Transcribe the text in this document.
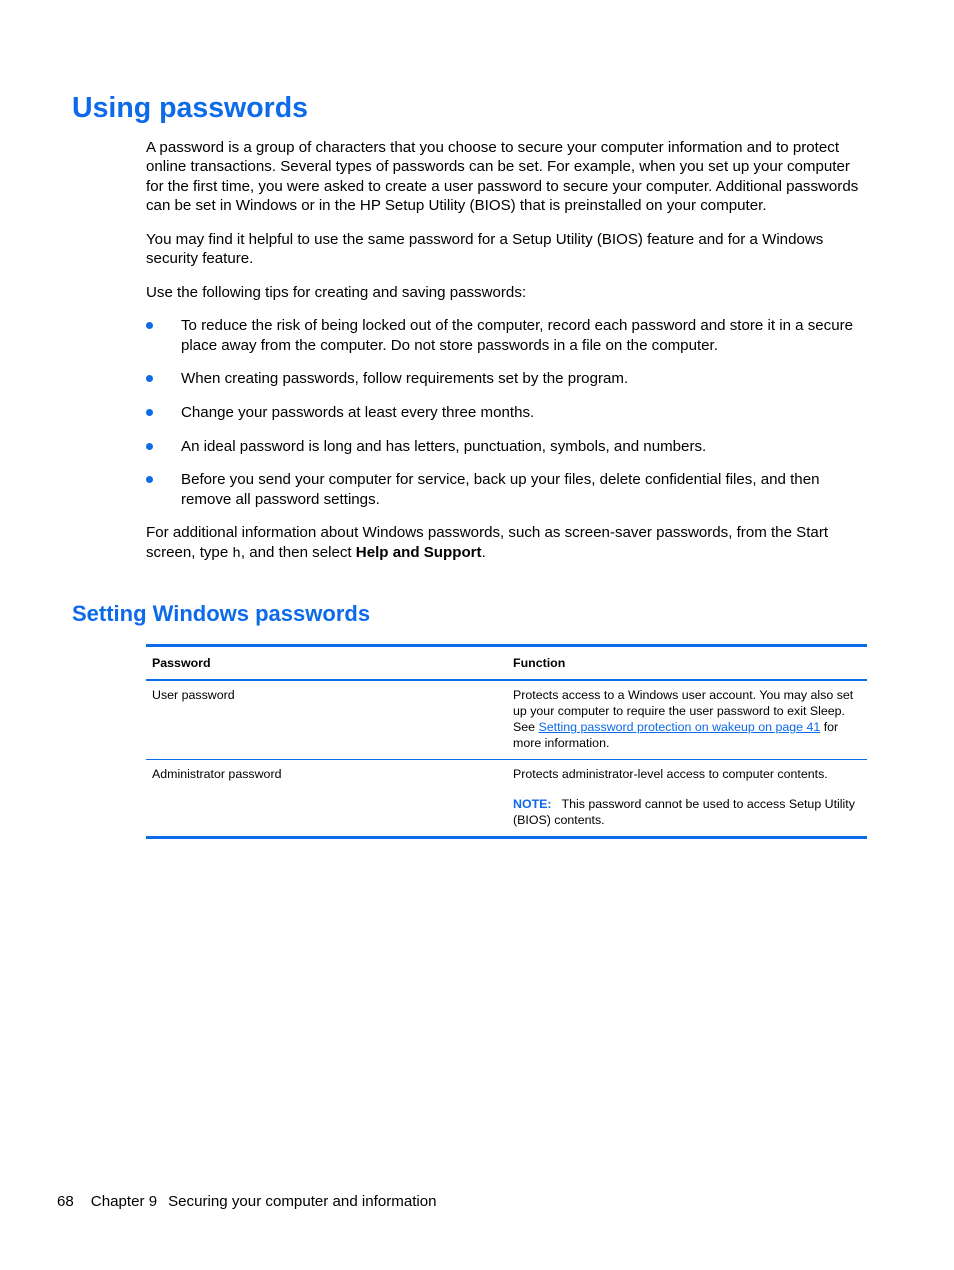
Using passwords

A password is a group of characters that you choose to secure your computer information and to protect online transactions. Several types of passwords can be set. For example, when you set up your computer for the first time, you were asked to create a user password to secure your computer. Additional passwords can be set in Windows or in the HP Setup Utility (BIOS) that is preinstalled on your computer.

You may find it helpful to use the same password for a Setup Utility (BIOS) feature and for a Windows security feature.

Use the following tips for creating and saving passwords:

To reduce the risk of being locked out of the computer, record each password and store it in a secure place away from the computer. Do not store passwords in a file on the computer.
When creating passwords, follow requirements set by the program.
Change your passwords at least every three months.
An ideal password is long and has letters, punctuation, symbols, and numbers.
Before you send your computer for service, back up your files, delete confidential files, and then remove all password settings.

For additional information about Windows passwords, such as screen-saver passwords, from the Start screen, type h, and then select Help and Support.

Setting Windows passwords
Password	Function
User password	Protects access to a Windows user account. You may also set up your computer to require the user password to exit Sleep. See Setting password protection on wakeup on page 41 for more information.
Administrator password	Protects administrator-level access to computer contents.
NOTE: This password cannot be used to access Setup Utility (BIOS) contents.
68 Chapter 9 Securing your computer and information
